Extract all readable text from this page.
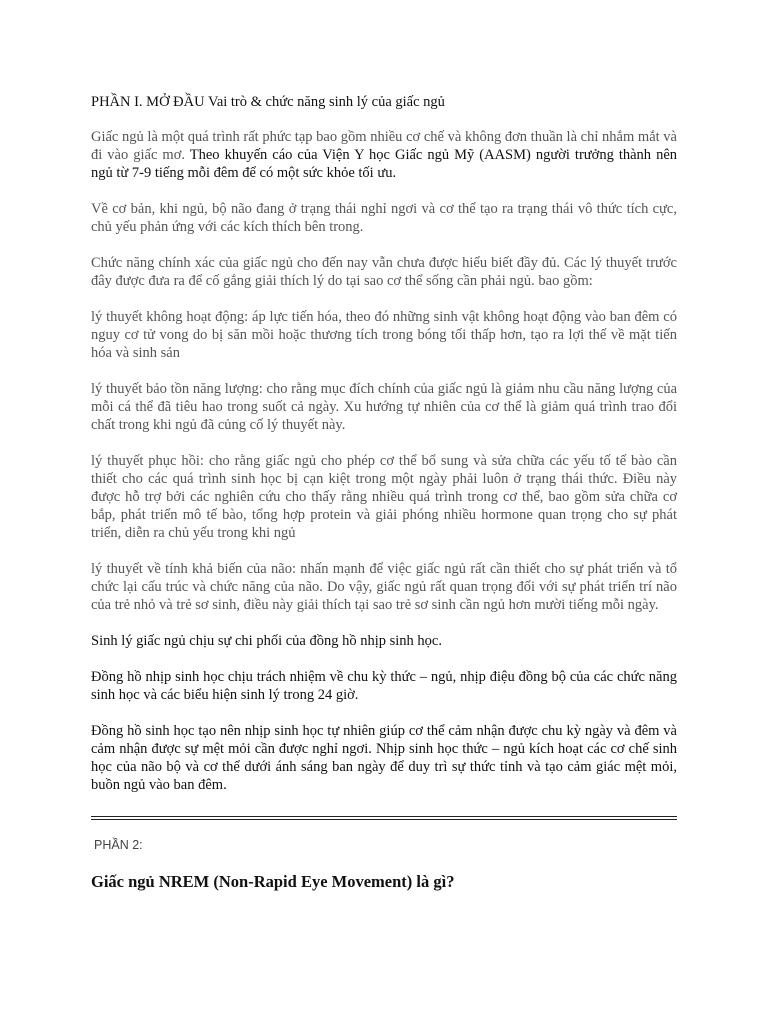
PHẦN I. MỞ ĐẦU Vai trò & chức năng sinh lý của giấc ngủ

Giấc ngủ là một quá trình rất phức tạp bao gồm nhiều cơ chế và không đơn thuần là chỉ nhắm mắt và đi vào giấc mơ. Theo khuyến cáo của Viện Y học Giấc ngủ Mỹ (AASM) người trưởng thành nên ngủ từ 7-9 tiếng mỗi đêm để có một sức khỏe tối ưu.

Về cơ bản, khi ngủ, bộ não đang ở trạng thái nghỉ ngơi và cơ thể tạo ra trạng thái vô thức tích cực, chủ yếu phản ứng với các kích thích bên trong.

Chức năng chính xác của giấc ngủ cho đến nay vẫn chưa được hiểu biết đầy đủ. Các lý thuyết trước đây được đưa ra để cố gắng giải thích lý do tại sao cơ thể sống cần phải ngủ. bao gồm:

lý thuyết không hoạt động: áp lực tiến hóa, theo đó những sinh vật không hoạt động vào ban đêm có nguy cơ tử vong do bị săn mồi hoặc thương tích trong bóng tối thấp hơn, tạo ra lợi thế về mặt tiến hóa và sinh sản

lý thuyết bảo tồn năng lượng: cho rằng mục đích chính của giấc ngủ là giảm nhu cầu năng lượng của mỗi cá thể đã tiêu hao trong suốt cả ngày. Xu hướng tự nhiên của cơ thể là giảm quá trình trao đổi chất trong khi ngủ đã củng cố lý thuyết này.

lý thuyết phục hồi: cho rằng giấc ngủ cho phép cơ thể bổ sung và sửa chữa các yếu tố tế bào cần thiết cho các quá trình sinh học bị cạn kiệt trong một ngày phải luôn ở trạng thái thức. Điều này được hỗ trợ bởi các nghiên cứu cho thấy rằng nhiều quá trình trong cơ thể, bao gồm sửa chữa cơ bắp, phát triển mô tế bào, tổng hợp protein và giải phóng nhiều hormone quan trọng cho sự phát triển, diễn ra chủ yếu trong khi ngủ

lý thuyết về tính khả biến của não: nhấn mạnh để việc giấc ngủ rất cần thiết cho sự phát triển và tổ chức lại cấu trúc và chức năng của não. Do vậy, giấc ngủ rất quan trọng đối với sự phát triển trí não của trẻ nhỏ và trẻ sơ sinh, điều này giải thích tại sao trẻ sơ sinh cần ngủ hơn mười tiếng mỗi ngày.

Sinh lý giấc ngủ chịu sự chi phối của đồng hồ nhịp sinh học.

Đồng hồ nhịp sinh học chịu trách nhiệm về chu kỳ thức – ngủ, nhịp điệu đồng bộ của các chức năng sinh học và các biểu hiện sinh lý trong 24 giờ.

Đồng hồ sinh học tạo nên nhịp sinh học tự nhiên giúp cơ thể cảm nhận được chu kỳ ngày và đêm và cảm nhận được sự mệt mỏi cần được nghỉ ngơi. Nhịp sinh học thức – ngủ kích hoạt các cơ chế sinh học của não bộ và cơ thể dưới ánh sáng ban ngày để duy trì sự thức tỉnh và tạo cảm giác mệt mỏi, buồn ngủ vào ban đêm.

PHẦN 2:
Giấc ngủ NREM (Non-Rapid Eye Movement) là gì?
